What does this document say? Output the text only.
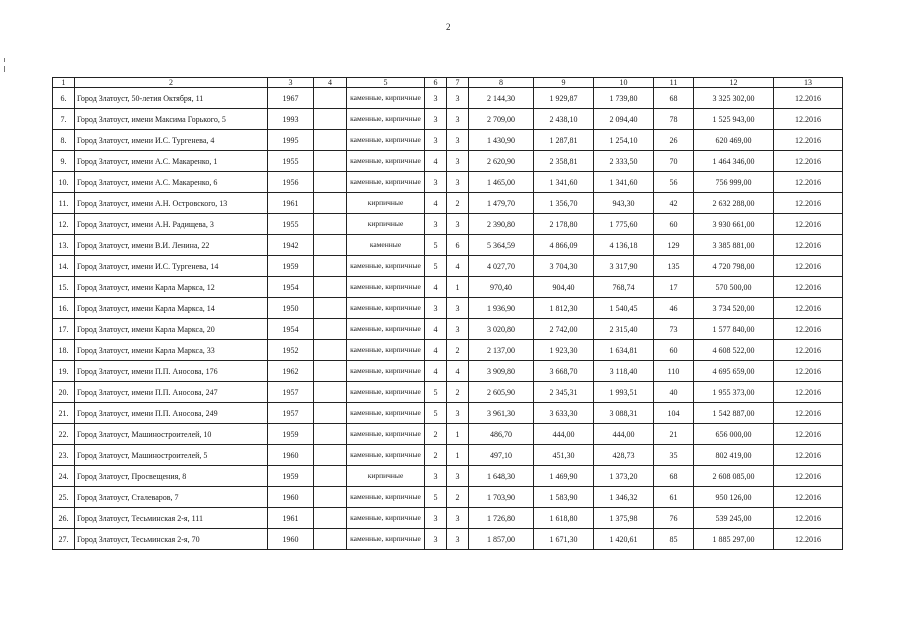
2
1	2	3	4	5	6	7	8	9	10	11	12	13
6.	Город Златоуст, 50-летия Октября, 11	1967		каменные, кирпичные	3	3	2 144,30	1 929,87	1 739,80	68	3 325 302,00	12.2016
7.	Город Златоуст, имени Максима Горького, 5	1993		каменные, кирпичные	3	3	2 709,00	2 438,10	2 094,40	78	1 525 943,00	12.2016
8.	Город Златоуст, имени И.С. Тургенева, 4	1995		каменные, кирпичные	3	3	1 430,90	1 287,81	1 254,10	26	620 469,00	12.2016
9.	Город Златоуст, имени А.С. Макаренко, 1	1955		каменные, кирпичные	4	3	2 620,90	2 358,81	2 333,50	70	1 464 346,00	12.2016
10.	Город Златоуст, имени А.С. Макаренко, 6	1956		каменные, кирпичные	3	3	1 465,00	1 341,60	1 341,60	56	756 999,00	12.2016
11.	Город Златоуст, имени А.Н. Островского, 13	1961		кирпичные	4	2	1 479,70	1 356,70	943,30	42	2 632 288,00	12.2016
12.	Город Златоуст, имени А.Н. Радищева, 3	1955		кирпичные	3	3	2 390,80	2 178,80	1 775,60	60	3 930 661,00	12.2016
13.	Город Златоуст, имени В.И. Ленина, 22	1942		каменные	5	6	5 364,59	4 866,09	4 136,18	129	3 385 881,00	12.2016
14.	Город Златоуст, имени И.С. Тургенева, 14	1959		каменные, кирпичные	5	4	4 027,70	3 704,30	3 317,90	135	4 720 798,00	12.2016
15.	Город Златоуст, имени Карла Маркса, 12	1954		каменные, кирпичные	4	1	970,40	904,40	768,74	17	570 500,00	12.2016
16.	Город Златоуст, имени Карла Маркса, 14	1950		каменные, кирпичные	3	3	1 936,90	1 812,30	1 540,45	46	3 734 520,00	12.2016
17.	Город Златоуст, имени Карла Маркса, 20	1954		каменные, кирпичные	4	3	3 020,80	2 742,00	2 315,40	73	1 577 840,00	12.2016
18.	Город Златоуст, имени Карла Маркса, 33	1952		каменные, кирпичные	4	2	2 137,00	1 923,30	1 634,81	60	4 608 522,00	12.2016
19.	Город Златоуст, имени П.П. Аносова, 176	1962		каменные, кирпичные	4	4	3 909,80	3 668,70	3 118,40	110	4 695 659,00	12.2016
20.	Город Златоуст, имени П.П. Аносова, 247	1957		каменные, кирпичные	5	2	2 605,90	2 345,31	1 993,51	40	1 955 373,00	12.2016
21.	Город Златоуст, имени П.П. Аносова, 249	1957		каменные, кирпичные	5	3	3 961,30	3 633,30	3 088,31	104	1 542 887,00	12.2016
22.	Город Златоуст, Машиностроителей, 10	1959		каменные, кирпичные	2	1	486,70	444,00	444,00	21	656 000,00	12.2016
23.	Город Златоуст, Машиностроителей, 5	1960		каменные, кирпичные	2	1	497,10	451,30	428,73	35	802 419,00	12.2016
24.	Город Златоуст, Просвещения, 8	1959		кирпичные	3	3	1 648,30	1 469,90	1 373,20	68	2 608 085,00	12.2016
25.	Город Златоуст, Сталеваров, 7	1960		каменные, кирпичные	5	2	1 703,90	1 583,90	1 346,32	61	950 126,00	12.2016
26.	Город Златоуст, Тесьминская 2-я, 111	1961		каменные, кирпичные	3	3	1 726,80	1 618,80	1 375,98	76	539 245,00	12.2016
27.	Город Златоуст, Тесьминская 2-я, 70	1960		каменные, кирпичные	3	3	1 857,00	1 671,30	1 420,61	85	1 885 297,00	12.2016
